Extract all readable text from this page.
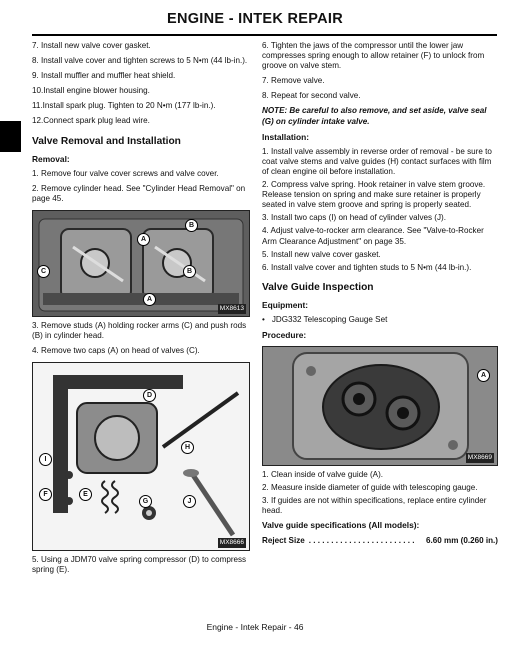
ENGINE - INTEK REPAIR

7. Install new valve cover gasket.

8. Install valve cover and tighten screws to 5 N•m (44 lb-in.).

9. Install muffler and muffler heat shield.

10.Install engine blower housing.

11.Install spark plug. Tighten to 20 N•m (177 lb-in.).

12.Connect spark plug lead wire.

Valve Removal and Installation
Removal:

1. Remove four valve cover screws and valve cover.

2. Remove cylinder head. See "Cylinder Head Removal" on page 45.

B
A
C	B
A
MX8613

3. Remove studs (A) holding rocker arms (C) and push rods (B) in cylinder head.

4. Remove two caps (A) on head of valves (C).

D
H
I
F	E
G	J
MX8666

5. Using a JDM70 valve spring compressor (D) to compress spring (E).

6. Tighten the jaws of the compressor until the lower jaw compresses spring enough to allow retainer (F) to unlock from groove on valve stem.

7. Remove valve.

8. Repeat for second valve.

NOTE: Be careful to also remove, and set aside, valve seal (G) on cylinder intake valve.

Installation:

1. Install valve assembly in reverse order of removal - be sure to coat valve stems and valve guides (H) contact surfaces with film of clean engine oil before installation.

2. Compress valve spring. Hook retainer in valve stem groove. Release tension on spring and make sure retainer is properly seated in valve stem groove and spring is properly seated.

3. Install two caps (I) on head of cylinder valves (J).

4. Adjust valve-to-rocker arm clearance. See "Valve-to-Rocker Arm Clearance Adjustment" on page 35.

5. Install new valve cover gasket.

6. Install valve cover and tighten studs to 5 N•m (44 lb-in.).

Valve Guide Inspection
Equipment:
• JDG332 Telescoping Gauge Set
Procedure:
A
MX8669

1. Clean inside of valve guide (A).

2. Measure inside diameter of guide with telescoping gauge.

3. If guides are not within specifications, replace entire cylinder head.

Valve guide specifications (All models):
Reject Size . . . . . . . . . . . . . . . . . . . . . . . .	6.60 mm (0.260 in.)
Engine - Intek Repair - 46
